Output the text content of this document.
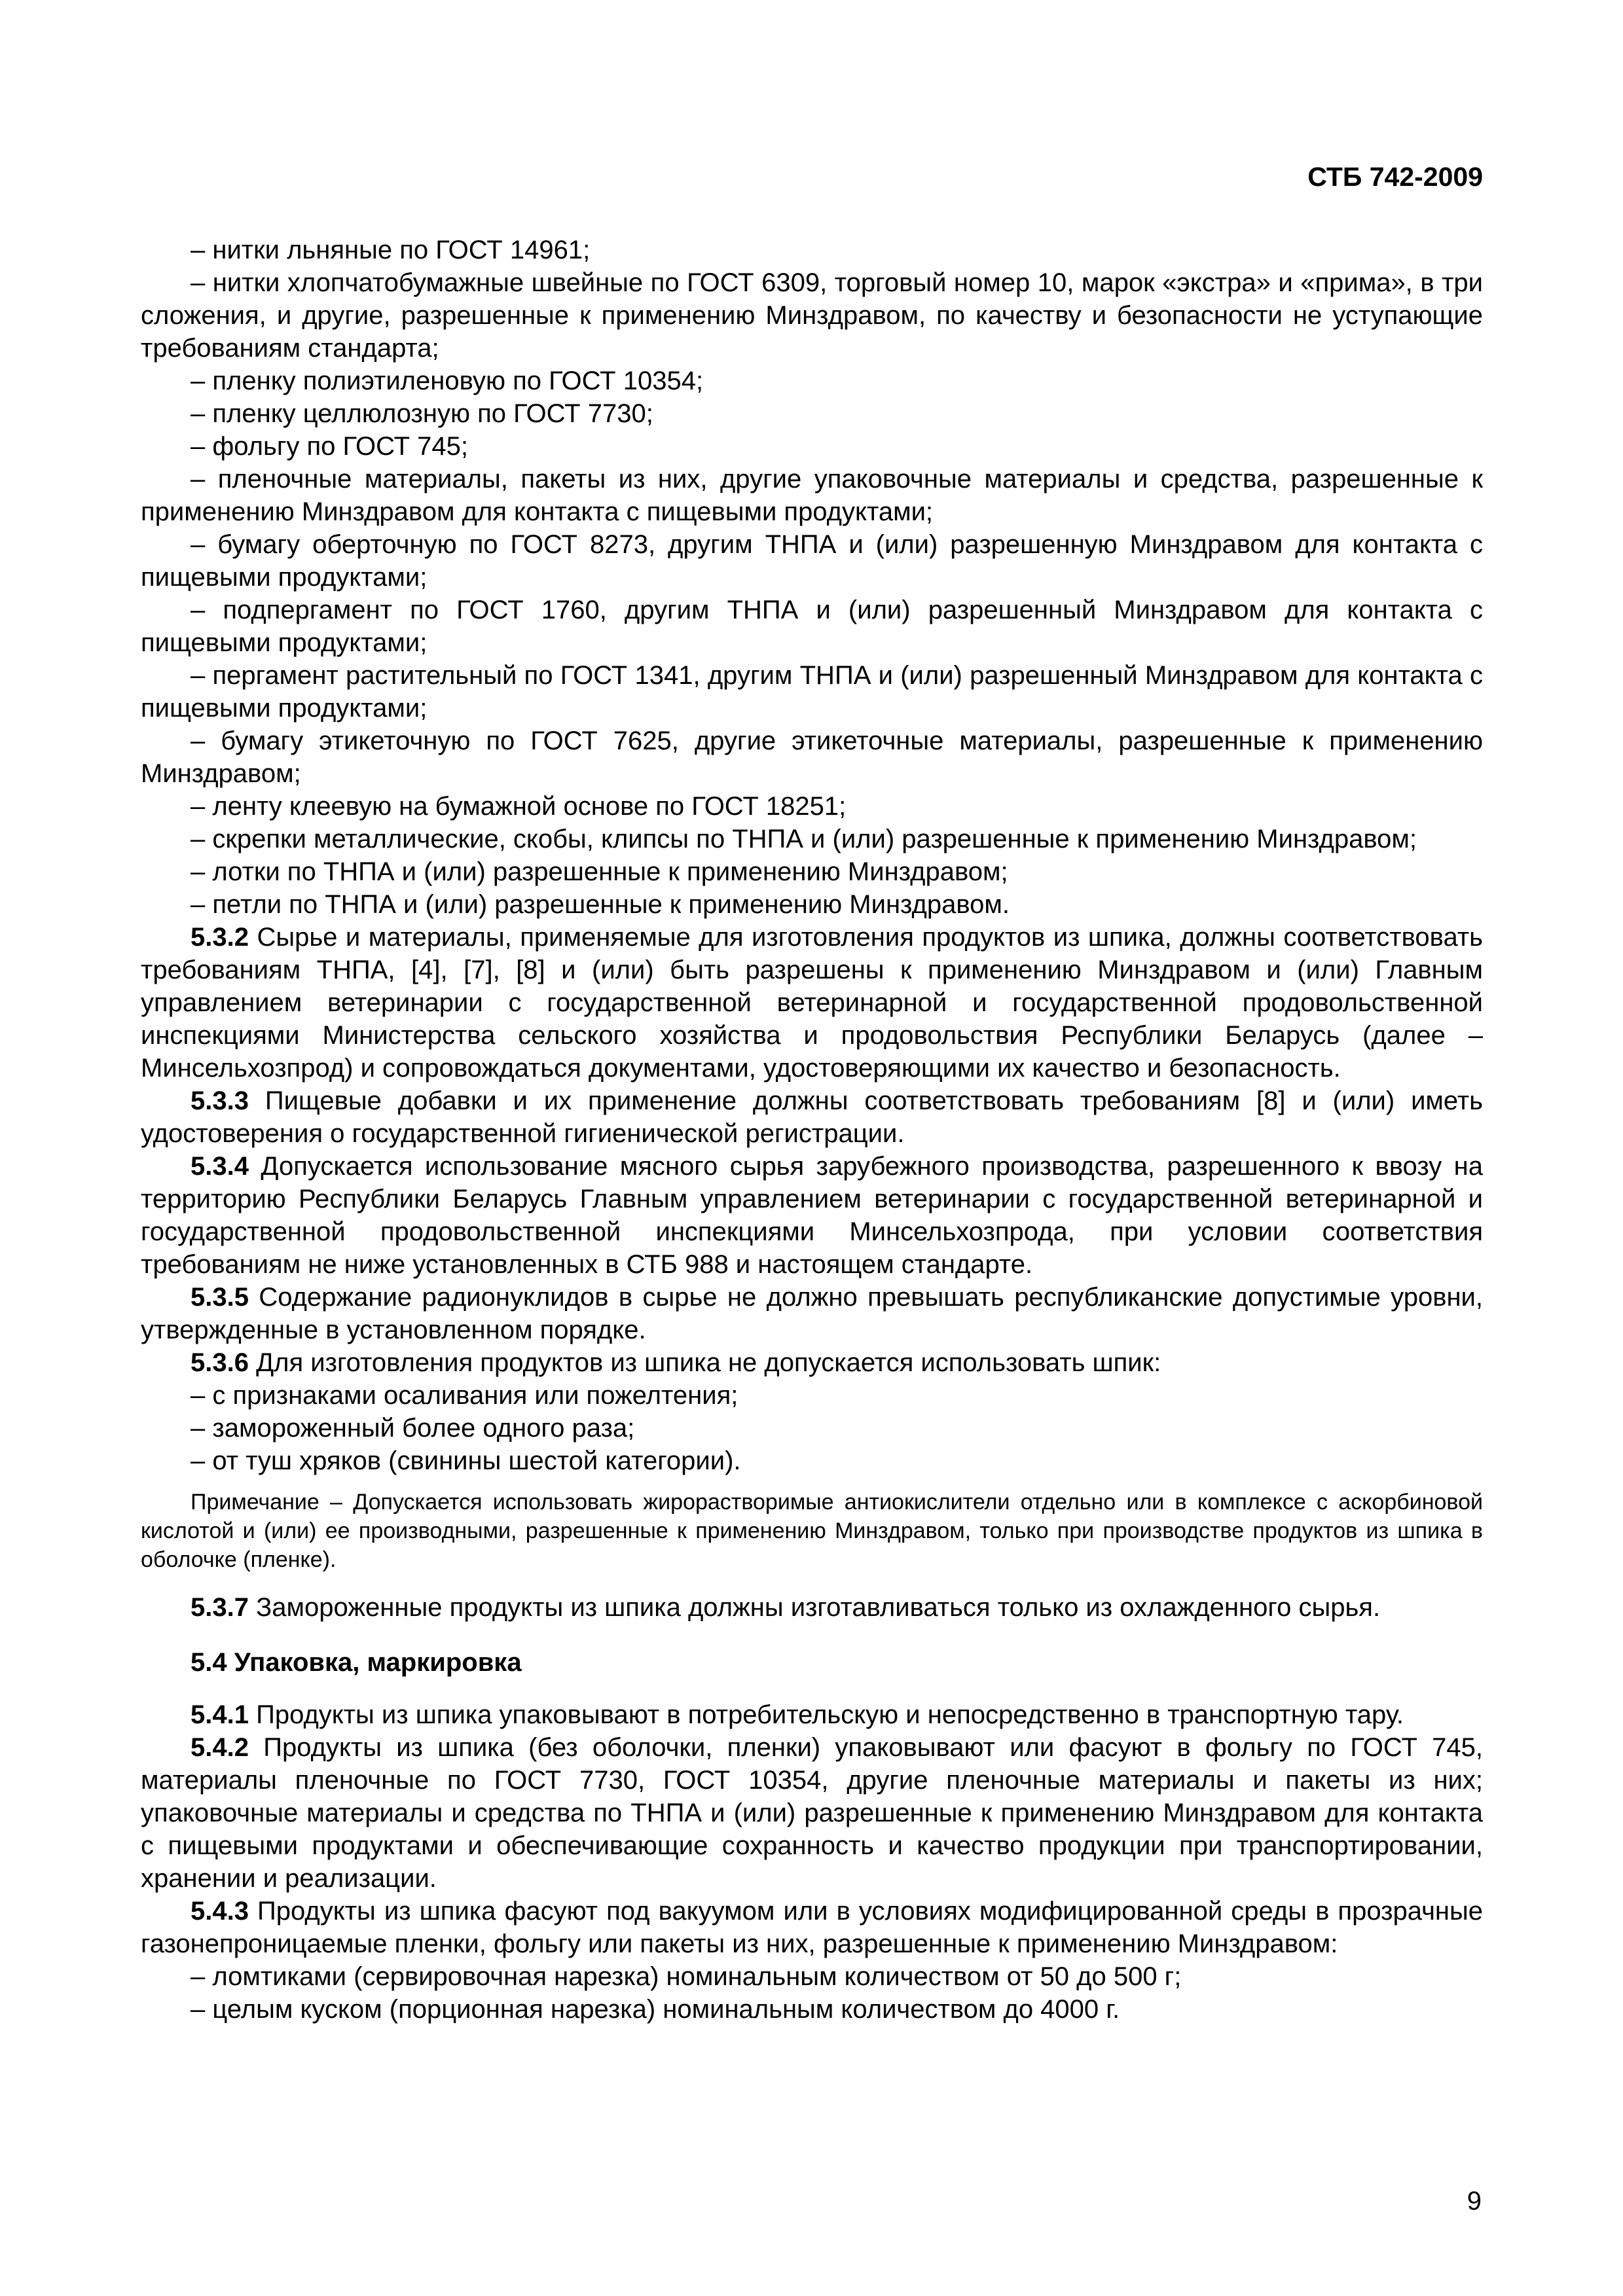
СТБ 742-2009

– нитки льняные по ГОСТ 14961;

– нитки хлопчатобумажные швейные по ГОСТ 6309, торговый номер 10, марок «экстра» и «прима», в три сложения, и другие, разрешенные к применению Минздравом, по качеству и безопасности не уступающие требованиям стандарта;

– пленку полиэтиленовую по ГОСТ 10354;

– пленку целлюлозную по ГОСТ 7730;

– фольгу по ГОСТ 745;

– пленочные материалы, пакеты из них, другие упаковочные материалы и средства, разрешенные к применению Минздравом для контакта с пищевыми продуктами;

– бумагу оберточную по ГОСТ 8273, другим ТНПА и (или) разрешенную Минздравом для контакта с пищевыми продуктами;

– подпергамент по ГОСТ 1760, другим ТНПА и (или) разрешенный Минздравом для контакта с пищевыми продуктами;

– пергамент растительный по ГОСТ 1341, другим ТНПА и (или) разрешенный Минздравом для контакта с пищевыми продуктами;

– бумагу этикеточную по ГОСТ 7625, другие этикеточные материалы, разрешенные к применению Минздравом;

– ленту клеевую на бумажной основе по ГОСТ 18251;

– скрепки металлические, скобы, клипсы по ТНПА и (или) разрешенные к применению Минздравом;

– лотки по ТНПА и (или) разрешенные к применению Минздравом;

– петли по ТНПА и (или) разрешенные к применению Минздравом.

5.3.2 Сырье и материалы, применяемые для изготовления продуктов из шпика, должны соответствовать требованиям ТНПА, [4], [7], [8] и (или) быть разрешены к применению Минздравом и (или) Главным управлением ветеринарии с государственной ветеринарной и государственной продовольственной инспекциями Министерства сельского хозяйства и продовольствия Республики Беларусь (далее – Минсельхозпрод) и сопровождаться документами, удостоверяющими их качество и безопасность.

5.3.3 Пищевые добавки и их применение должны соответствовать требованиям [8] и (или) иметь удостоверения о государственной гигиенической регистрации.

5.3.4 Допускается использование мясного сырья зарубежного производства, разрешенного к ввозу на территорию Республики Беларусь Главным управлением ветеринарии с государственной ветеринарной и государственной продовольственной инспекциями Минсельхозпрода, при условии соответствия требованиям не ниже установленных в СТБ 988 и настоящем стандарте.

5.3.5 Содержание радионуклидов в сырье не должно превышать республиканские допустимые уровни, утвержденные в установленном порядке.

5.3.6 Для изготовления продуктов из шпика не допускается использовать шпик:

– с признаками осаливания или пожелтения;

– замороженный более одного раза;

– от туш хряков (свинины шестой категории).

Примечание – Допускается использовать жирорастворимые антиокислители отдельно или в комплексе с аскорбиновой кислотой и (или) ее производными, разрешенные к применению Минздравом, только при производстве продуктов из шпика в оболочке (пленке).

5.3.7 Замороженные продукты из шпика должны изготавливаться только из охлажденного сырья.

5.4 Упаковка, маркировка

5.4.1 Продукты из шпика упаковывают в потребительскую и непосредственно в транспортную тару.

5.4.2 Продукты из шпика (без оболочки, пленки) упаковывают или фасуют в фольгу по ГОСТ 745, материалы пленочные по ГОСТ 7730, ГОСТ 10354, другие пленочные материалы и пакеты из них; упаковочные материалы и средства по ТНПА и (или) разрешенные к применению Минздравом для контакта с пищевыми продуктами и обеспечивающие сохранность и качество продукции при транспортировании, хранении и реализации.

5.4.3 Продукты из шпика фасуют под вакуумом или в условиях модифицированной среды в прозрачные газонепроницаемые пленки, фольгу или пакеты из них, разрешенные к применению Минздравом:

– ломтиками (сервировочная нарезка) номинальным количеством от 50 до 500 г;

– целым куском (порционная нарезка) номинальным количеством до 4000 г.

9
